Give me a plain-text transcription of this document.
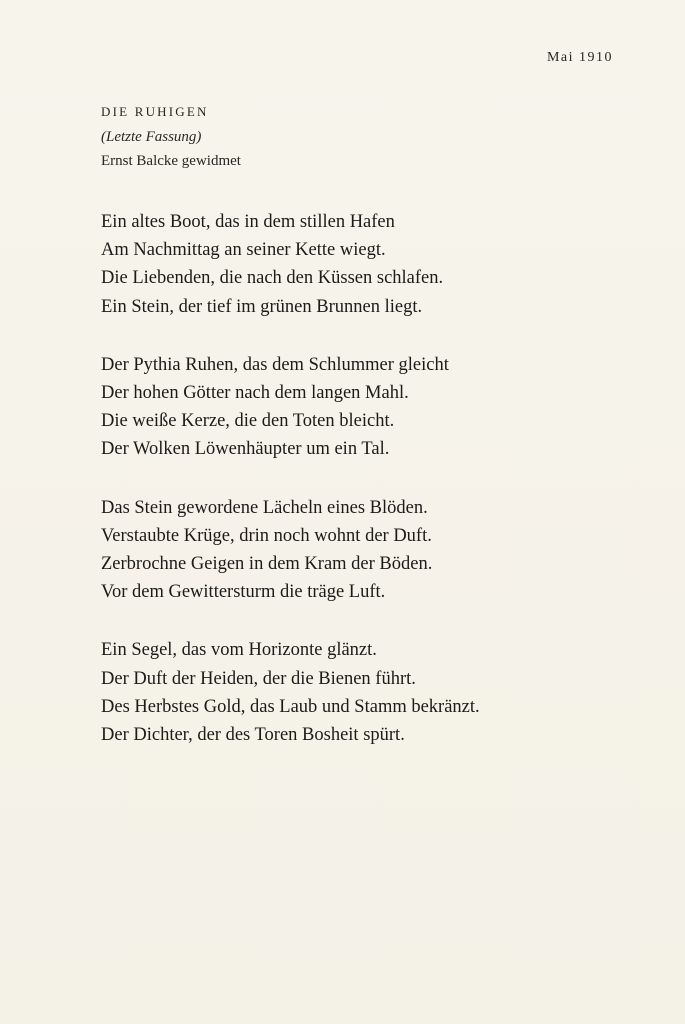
Mai 1910
DIE RUHIGEN
(Letzte Fassung)
Ernst Balcke gewidmet
Ein altes Boot, das in dem stillen Hafen
Am Nachmittag an seiner Kette wiegt.
Die Liebenden, die nach den Küssen schlafen.
Ein Stein, der tief im grünen Brunnen liegt.
Der Pythia Ruhen, das dem Schlummer gleicht
Der hohen Götter nach dem langen Mahl.
Die weiße Kerze, die den Toten bleicht.
Der Wolken Löwenhäupter um ein Tal.
Das Stein gewordene Lächeln eines Blöden.
Verstaubte Krüge, drin noch wohnt der Duft.
Zerbrochne Geigen in dem Kram der Böden.
Vor dem Gewittersturm die träge Luft.
Ein Segel, das vom Horizonte glänzt.
Der Duft der Heiden, der die Bienen führt.
Des Herbstes Gold, das Laub und Stamm bekränzt.
Der Dichter, der des Toren Bosheit spürt.
